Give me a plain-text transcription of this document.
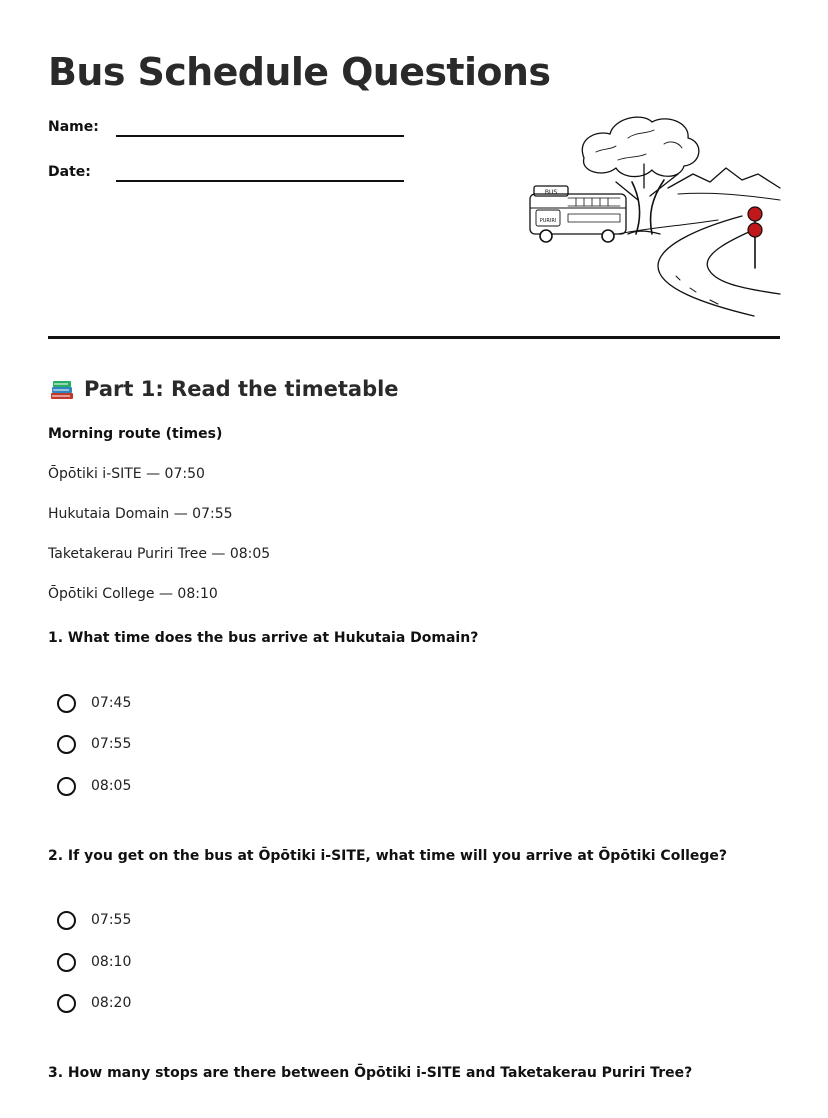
Bus Schedule Questions
Name:
Date:
BUS
PURIRI
Part 1: Read the timetable
Morning route (times)
Ōpōtiki i-SITE — 07:50
Hukutaia Domain — 07:55
Taketakerau Puriri Tree — 08:05
Ōpōtiki College — 08:10
1. What time does the bus arrive at Hukutaia Domain?
07:45
07:55
08:05
2. If you get on the bus at Ōpōtiki i-SITE, what time will you arrive at Ōpōtiki College?
07:55
08:10
08:20
3. How many stops are there between Ōpōtiki i-SITE and Taketakerau Puriri Tree?
